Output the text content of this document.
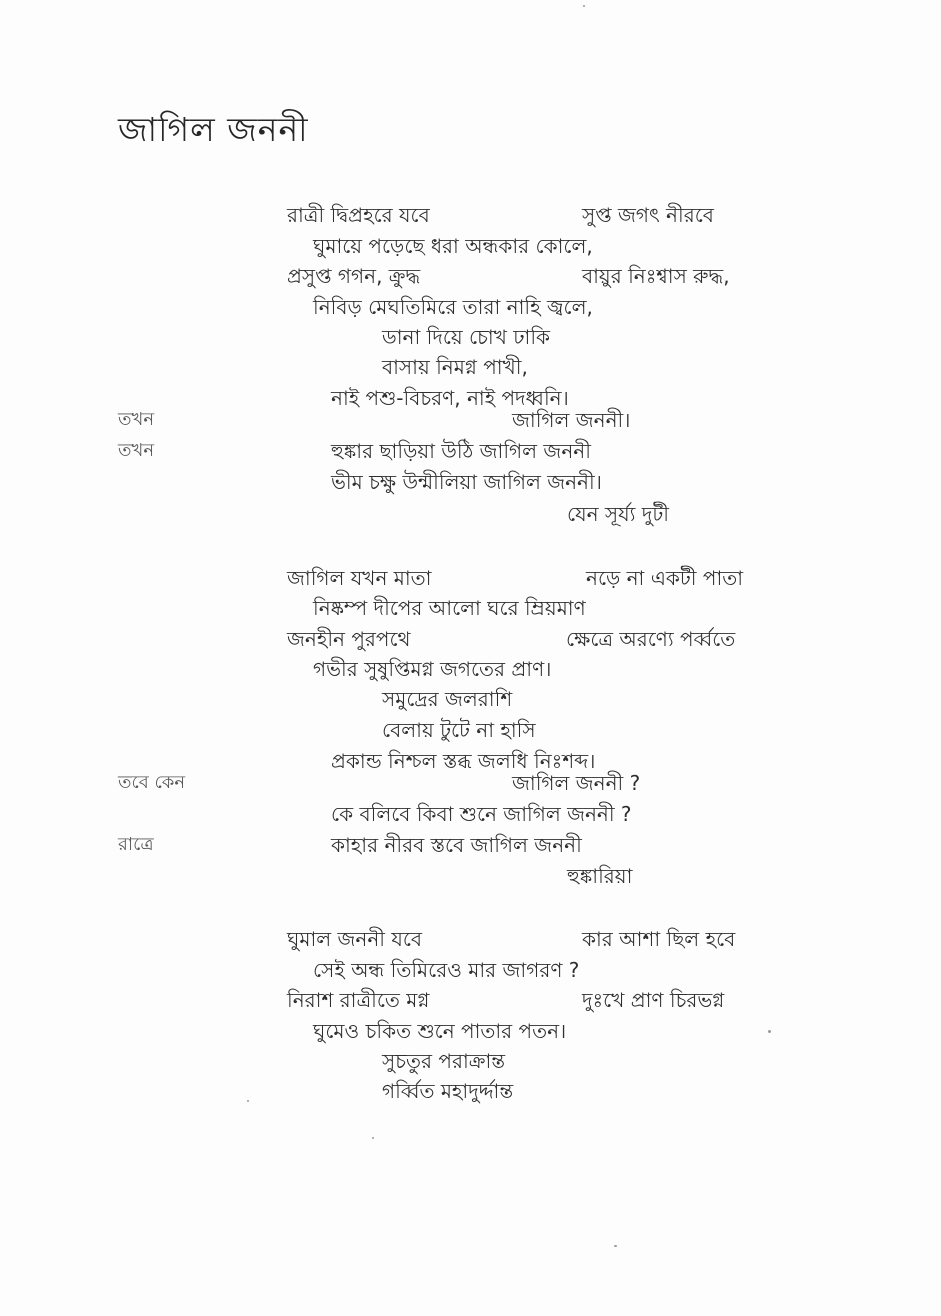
জাগিল জননী
রাত্রী দ্বিপ্রহরে যবে	সুপ্ত জগৎ নীরবে
ঘুমায়ে পড়েছে ধরা অন্ধকার কোলে,
প্রসুপ্ত গগন, ক্রুদ্ধ	বায়ুর নিঃশ্বাস রুদ্ধ,
নিবিড় মেঘতিমিরে তারা নাহি জ্বলে,
ডানা দিয়ে চোখ ঢাকি
বাসায় নিমগ্ন পাখী,
নাই পশু-বিচরণ, নাই পদধ্বনি।
তখন	জাগিল জননী।
তখন	হুঙ্কার ছাড়িয়া উঠি জাগিল জননী
ভীম চক্ষু উন্মীলিয়া জাগিল জননী।
যেন সূর্য্য দুটী
জাগিল যখন মাতা	নড়ে না একটী পাতা
নিষ্কম্প দীপের আলো ঘরে ম্রিয়মাণ
জনহীন পুরপথে	ক্ষেত্রে অরণ্যে পর্ব্বতে
গভীর সুষুপ্তিমগ্ন জগতের প্রাণ।
সমুদ্রের জলরাশি
বেলায় টুটে না হাসি
প্রকান্ড নিশ্চল স্তব্ধ জলধি নিঃশব্দ।
তবে কেন	জাগিল জননী ?
কে বলিবে কিবা শুনে জাগিল জননী ?
রাত্রে	কাহার নীরব স্তবে জাগিল জননী
হুঙ্কারিয়া
ঘুমাল জননী যবে	কার আশা ছিল হবে
সেই অন্ধ তিমিরেও মার জাগরণ ?
নিরাশ রাত্রীতে মগ্ন	দুঃখে প্রাণ চিরভগ্ন
ঘুমেও চকিত শুনে পাতার পতন।
সুচতুর পরাক্রান্ত
গর্ব্বিত মহাদুর্দ্দান্ত
